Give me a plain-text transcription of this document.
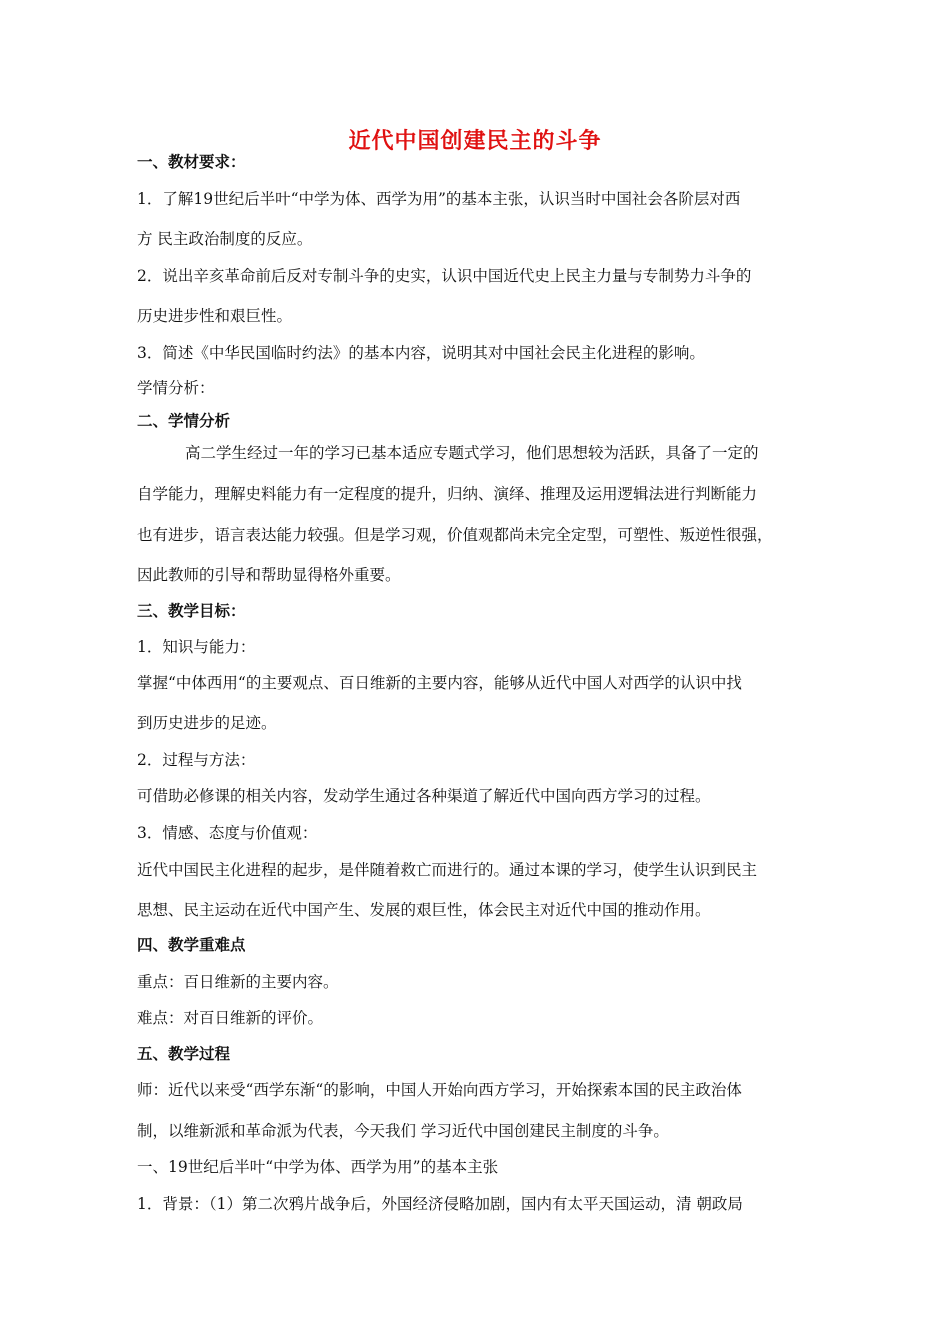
近代中国创建民主的斗争
一、教材要求：
1．了解19世纪后半叶“中学为体、西学为用”的基本主张，认识当时中国社会各阶层对西
方 民主政治制度的反应。
2．说出辛亥革命前后反对专制斗争的史实，认识中国近代史上民主力量与专制势力斗争的
历史进步性和艰巨性。
3．简述《中华民国临时约法》的基本内容，说明其对中国社会民主化进程的影响。
学情分析：
二、学情分析
高二学生经过一年的学习已基本适应专题式学习，他们思想较为活跃，具备了一定的
自学能力，理解史料能力有一定程度的提升，归纳、演绎、推理及运用逻辑法进行判断能力
也有进步，语言表达能力较强。但是学习观，价值观都尚未完全定型，可塑性、叛逆性很强，
因此教师的引导和帮助显得格外重要。
三、教学目标：
1．知识与能力：
掌握“中体西用“的主要观点、百日维新的主要内容，能够从近代中国人对西学的认识中找
到历史进步的足迹。
2．过程与方法：
可借助必修课的相关内容，发动学生通过各种渠道了解近代中国向西方学习的过程。
3．情感、态度与价值观：
近代中国民主化进程的起步，是伴随着救亡而进行的。通过本课的学习，使学生认识到民主
思想、民主运动在近代中国产生、发展的艰巨性，体会民主对近代中国的推动作用。
四、教学重难点
重点：百日维新的主要内容。
难点：对百日维新的评价。
五、教学过程
师：近代以来受“西学东渐“的影响，中国人开始向西方学习，开始探索本国的民主政治体
制，以维新派和革命派为代表，今天我们 学习近代中国创建民主制度的斗争。
一、19世纪后半叶“中学为体、西学为用”的基本主张
1．背景：（1）第二次鸦片战争后，外国经济侵略加剧，国内有太平天国运动，清 朝政局
